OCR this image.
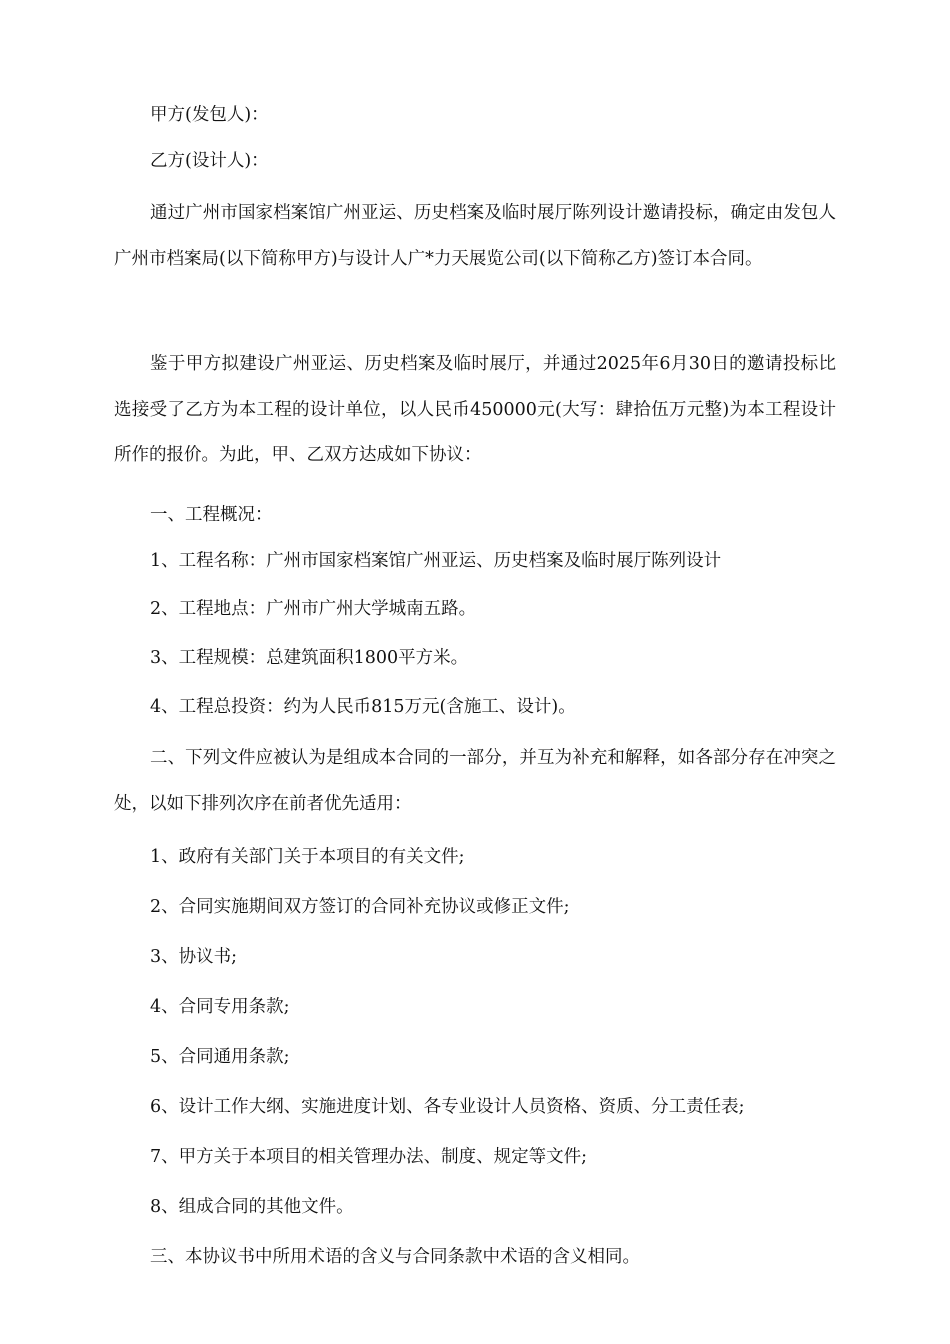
甲方(发包人)：

乙方(设计人)：

通过广州市国家档案馆广州亚运、历史档案及临时展厅陈列设计邀请投标，确定由发包人广州市档案局(以下简称甲方)与设计人广*力天展览公司(以下简称乙方)签订本合同。

鉴于甲方拟建设广州亚运、历史档案及临时展厅，并通过2025年6月30日的邀请投标比选接受了乙方为本工程的设计单位，以人民币450000元(大写：肆拾伍万元整)为本工程设计所作的报价。为此，甲、乙双方达成如下协议：

一、工程概况：

1、工程名称：广州市国家档案馆广州亚运、历史档案及临时展厅陈列设计

2、工程地点：广州市广州大学城南五路。

3、工程规模：总建筑面积1800平方米。

4、工程总投资：约为人民币815万元(含施工、设计)。

二、下列文件应被认为是组成本合同的一部分，并互为补充和解释，如各部分存在冲突之处，以如下排列次序在前者优先适用：

1、政府有关部门关于本项目的有关文件;

2、合同实施期间双方签订的合同补充协议或修正文件;

3、协议书;

4、合同专用条款;

5、合同通用条款;

6、设计工作大纲、实施进度计划、各专业设计人员资格、资质、分工责任表;

7、甲方关于本项目的相关管理办法、制度、规定等文件;

8、组成合同的其他文件。

三、本协议书中所用术语的含义与合同条款中术语的含义相同。
